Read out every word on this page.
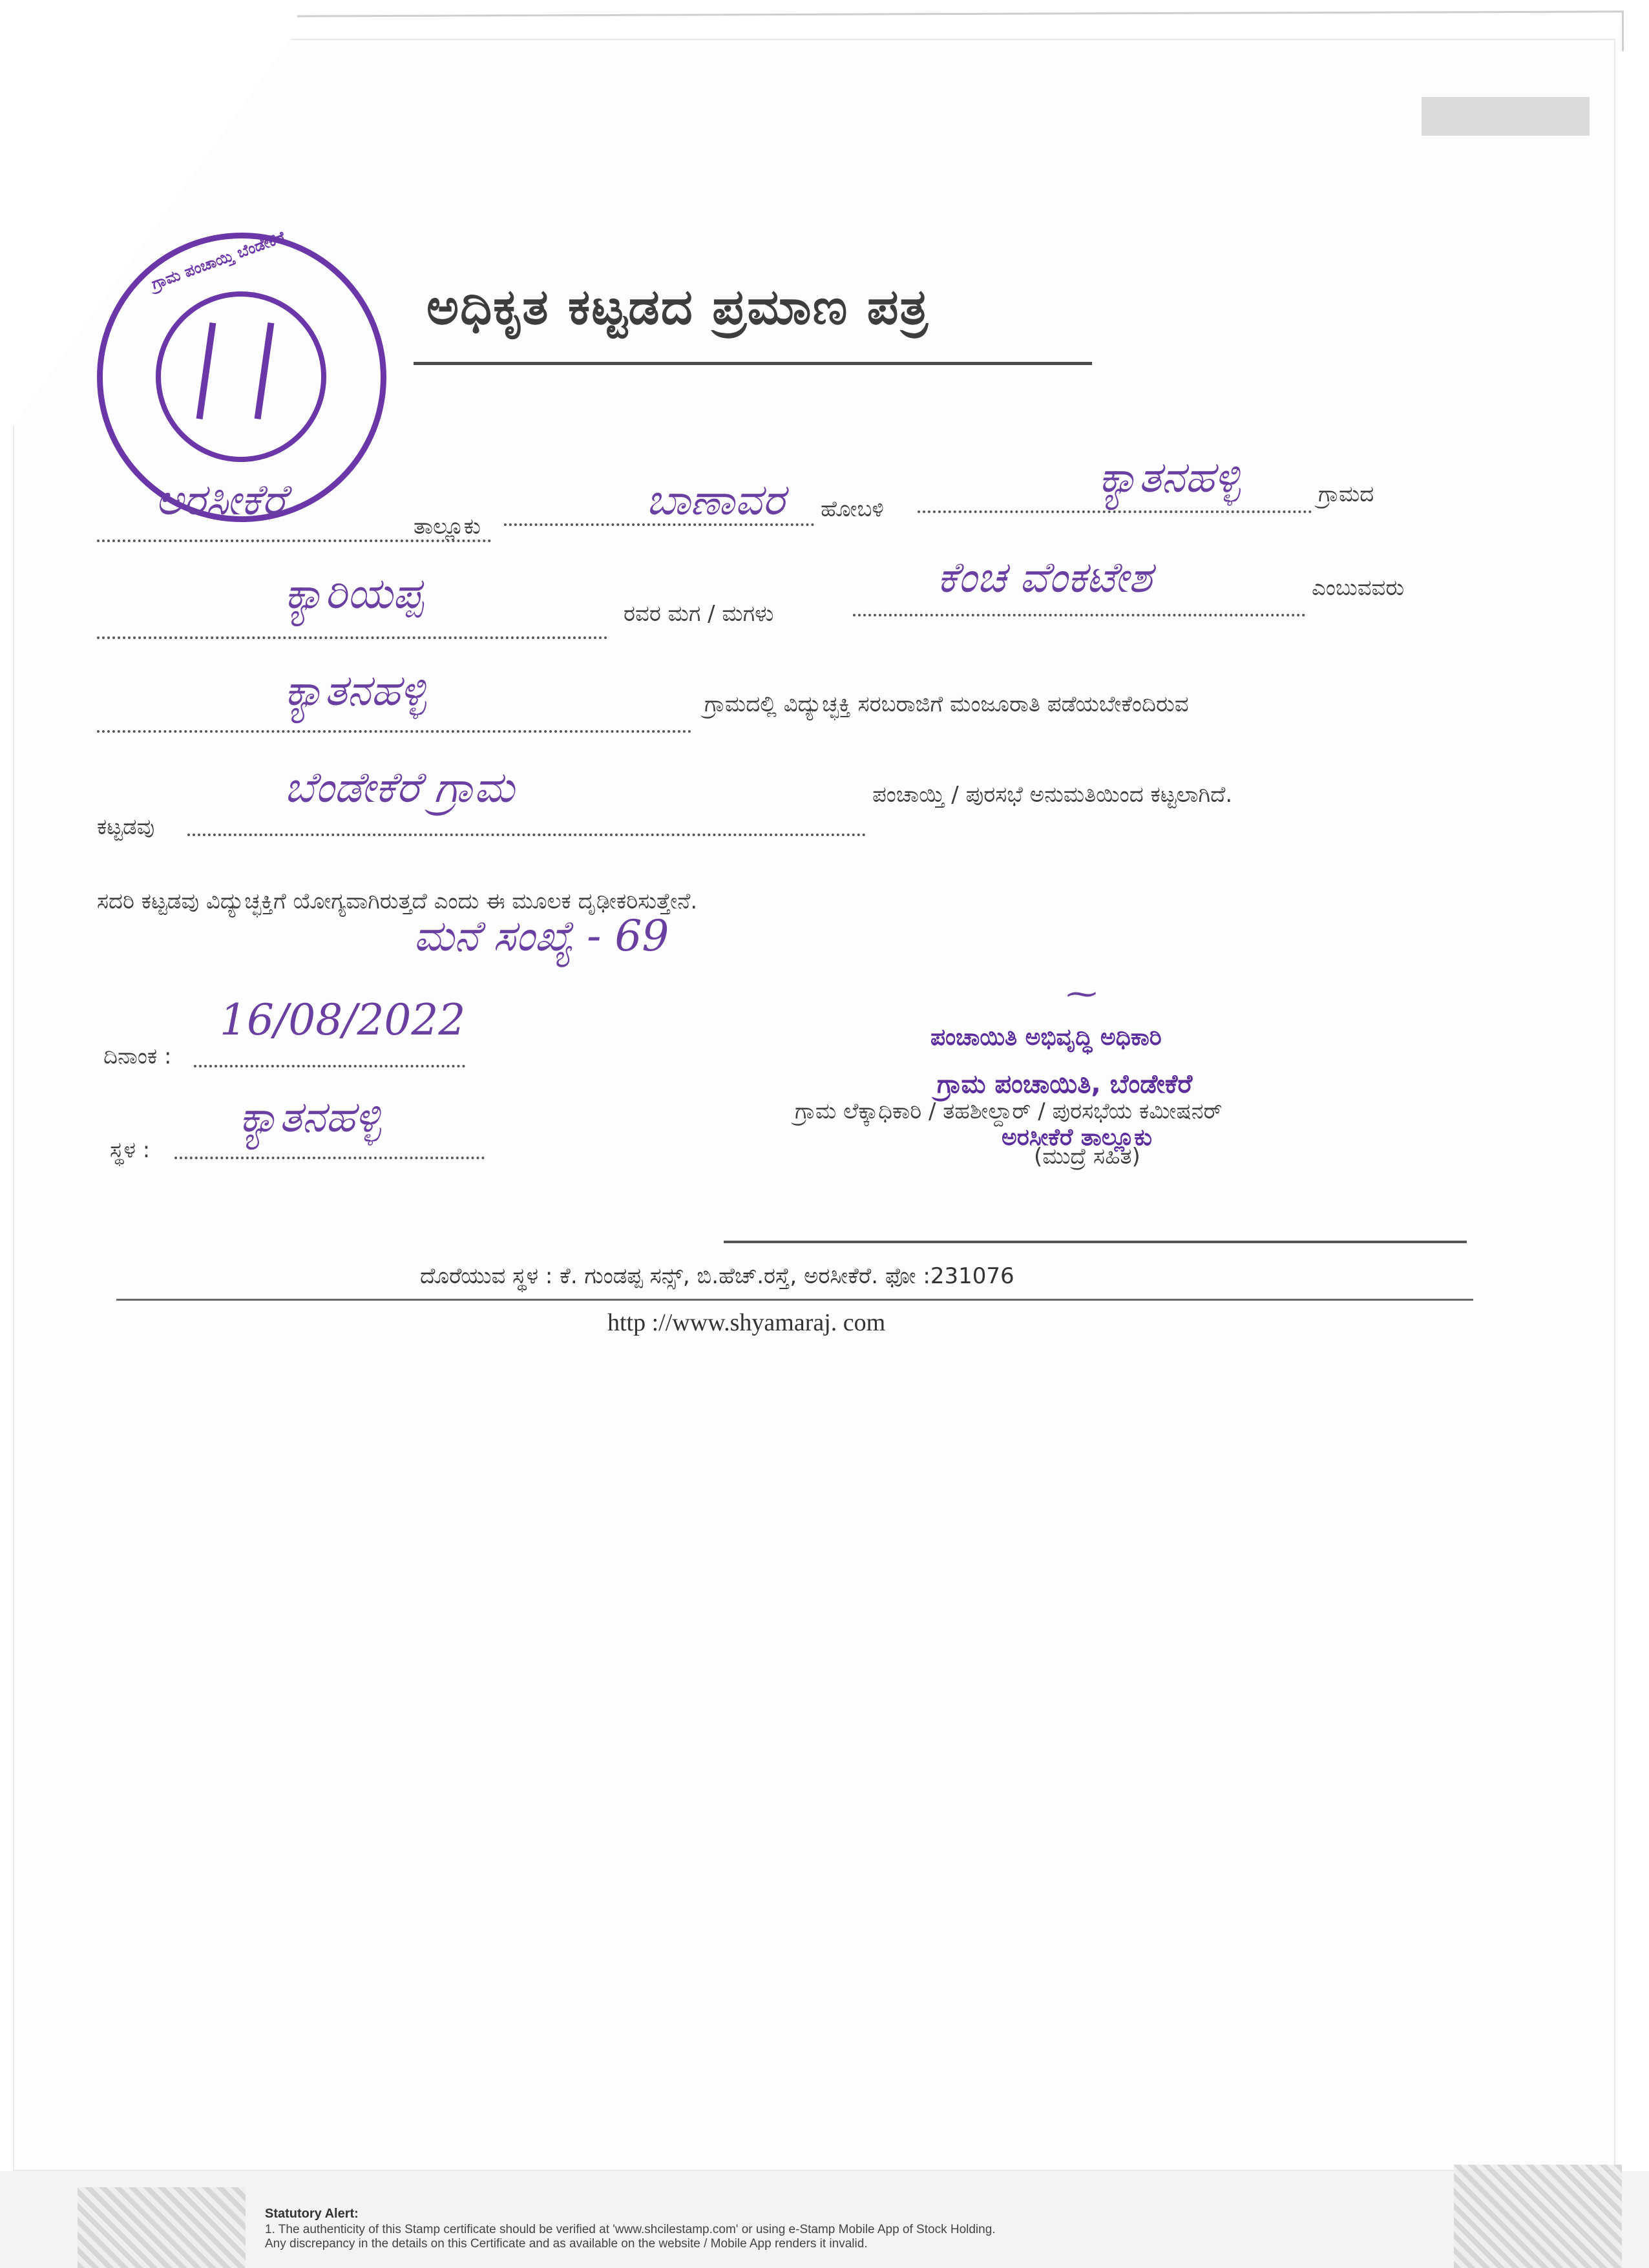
ಅಧಿಕೃತ ಕಟ್ಟಡದ ಪ್ರಮಾಣ ಪತ್ರ
ಗ್ರಾಮ ಪಂಚಾಯ್ತಿ ಬೆಂಡೇಕೆರೆ
ಅರಸೀಕೆರೆ
ತಾಲ್ಲೂಕು
ಬಾಣಾವರ ಹೋಬಳಿ
ಕ್ಯಾತನಹಳ್ಳಿ	ಗ್ರಾಮದ
ಕ್ಯಾರಿಯಪ್ಪ	ರವರ ಮಗ / ಮಗಳು
ಕೆಂಚ ವೆಂಕಟೇಶ	ಎಂಬುವವರು
ಕ್ಯಾತನಹಳ್ಳಿ	ಗ್ರಾಮದಲ್ಲಿ ವಿದ್ಯುಚ್ಛಕ್ತಿ ಸರಬರಾಜಿಗೆ ಮಂಜೂರಾತಿ ಪಡೆಯಬೇಕೆಂದಿರುವ
ಕಟ್ಟಡವು
ಬೆಂಡೇಕೆರೆ ಗ್ರಾಮ	ಪಂಚಾಯ್ತಿ / ಪುರಸಭೆ ಅನುಮತಿಯಿಂದ ಕಟ್ಟಲಾಗಿದೆ.
ಸದರಿ ಕಟ್ಟಡವು ವಿದ್ಯುಚ್ಛಕ್ತಿಗೆ ಯೋಗ್ಯವಾಗಿರುತ್ತದೆ ಎಂದು ಈ ಮೂಲಕ ದೃಢೀಕರಿಸುತ್ತೇನೆ.
ಮನೆ ಸಂಖ್ಯೆ - 69
ದಿನಾಂಕ :
16/08/2022
ಸ್ಥಳ :
ಕ್ಯಾತನಹಳ್ಳಿ
⁓
ಪಂಚಾಯಿತಿ ಅಭಿವೃದ್ಧಿ ಅಧಿಕಾರಿ
ಗ್ರಾಮ ಪಂಚಾಯಿತಿ, ಬೆಂಡೇಕೆರೆ
ಗ್ರಾಮ ಲೆಕ್ಕಾಧಿಕಾರಿ / ತಹಶೀಲ್ದಾರ್ / ಪುರಸಭೆಯ ಕಮೀಷನರ್
ಅರಸೀಕೆರೆ ತಾಲ್ಲೂಕು
(ಮುದ್ರೆ ಸಹಿತ)
ದೊರೆಯುವ ಸ್ಥಳ : ಕೆ. ಗುಂಡಪ್ಪ ಸನ್ಸ್, ಬಿ.ಹೆಚ್.ರಸ್ತೆ, ಅರಸೀಕೆರೆ. ಫೋ :231076
http ://www.shyamaraj. com
Statutory Alert:
1. The authenticity of this Stamp certificate should be verified at 'www.shcilestamp.com' or using e-Stamp Mobile App of Stock Holding.
Any discrepancy in the details on this Certificate and as available on the website / Mobile App renders it invalid.
